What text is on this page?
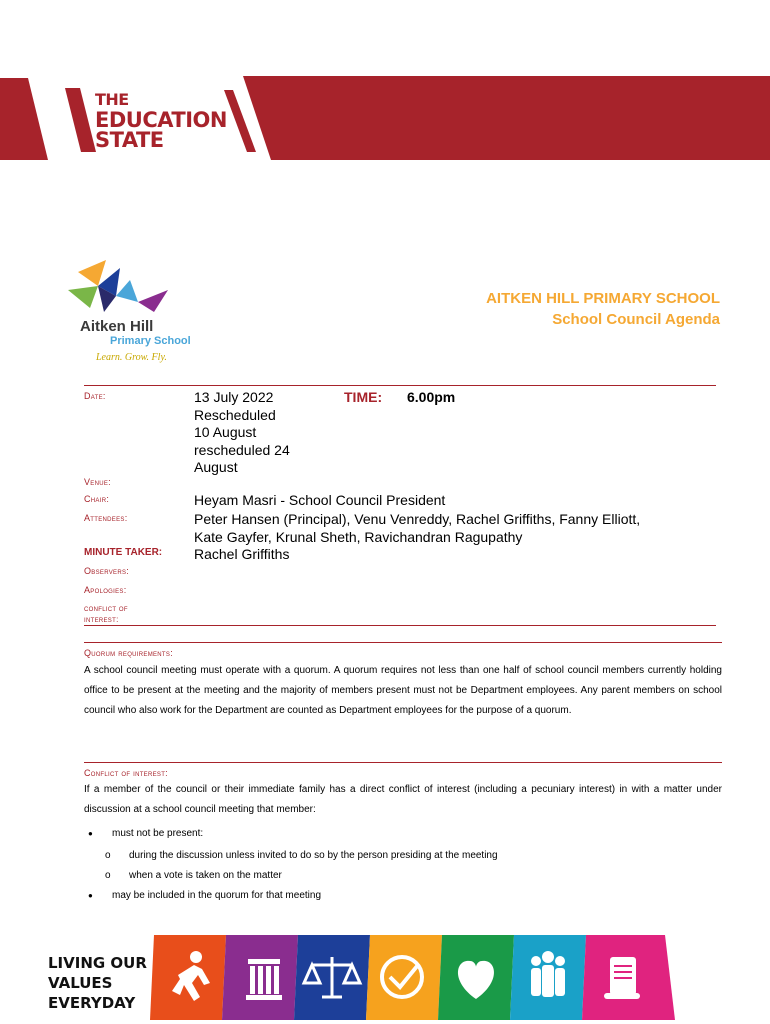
THE
EDUCATION
STATE
Aitken Hill
Primary School
Learn. Grow. Fly.
AITKEN HILL PRIMARY SCHOOL
School Council Agenda
Date:	13 July 2022
Rescheduled
10 August
rescheduled 24
August
TIME: 6.00pm
Venue:
Chair:	Heyam Masri - School Council President
Attendees:	Peter Hansen (Principal), Venu Venreddy, Rachel Griffiths, Fanny Elliott,
Kate Gayfer, Krunal Sheth, Ravichandran Ragupathy
MINUTE TAKER: Rachel Griffiths
Observers:
Apologies:
conflict of
interest:
Quorum requirements:
A school council meeting must operate with a quorum. A quorum requires not less than one half of school council members currently holding office to be present at the meeting and the majority of members present must not be Department employees. Any parent members on school council who also work for the Department are counted as Department employees for the purpose of a quorum.
Conflict of interest:
If a member of the council or their immediate family has a direct conflict of interest (including a pecuniary interest) in with a matter under discussion at a school council meeting that member:
● must not be present:
o during the discussion unless invited to do so by the person presiding at the meeting
o when a vote is taken on the matter
● may be included in the quorum for that meeting
LIVING OUR
VALUES
EVERYDAY
